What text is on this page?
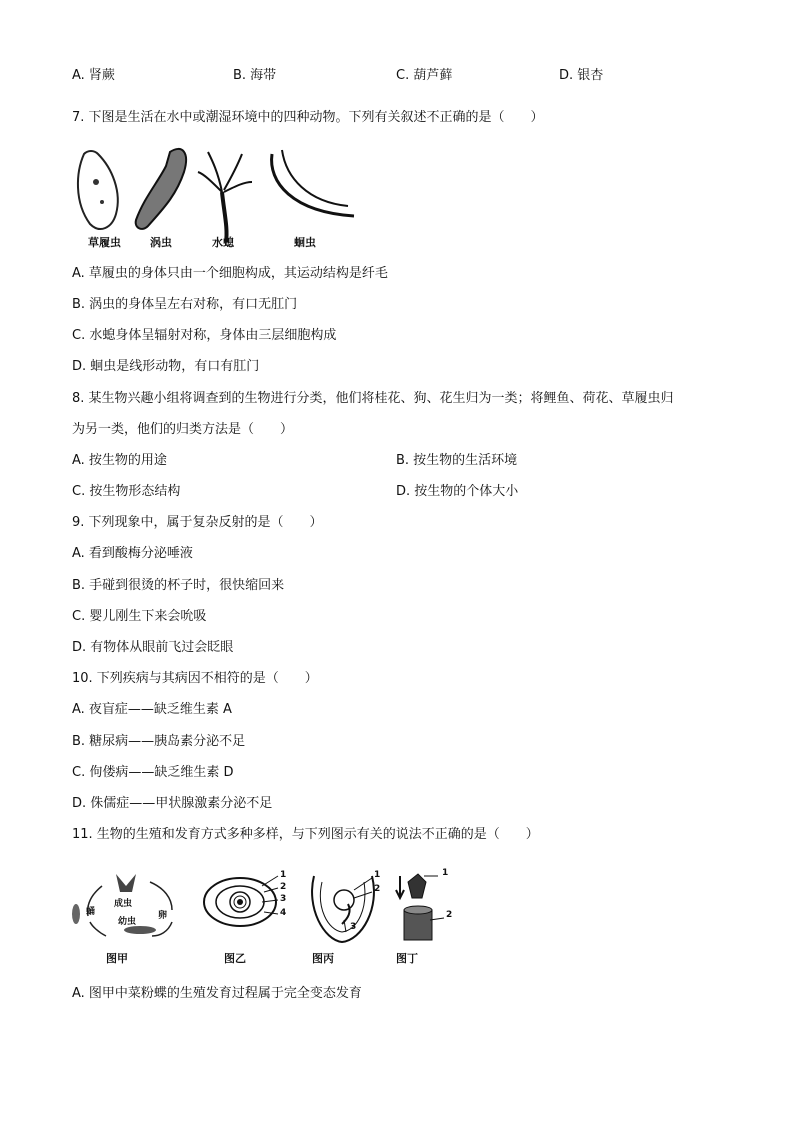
A. 肾蕨	B. 海带	C. 葫芦藓	D. 银杏
7. 下图是生活在水中或潮湿环境中的四种动物。下列有关叙述不正确的是（　　）
草履虫	涡虫	水螅	蛔虫
A. 草履虫的身体只由一个细胞构成，其运动结构是纤毛
B. 涡虫的身体呈左右对称，有口无肛门
C. 水螅身体呈辐射对称，身体由三层细胞构成
D. 蛔虫是线形动物，有口有肛门
8. 某生物兴趣小组将调查到的生物进行分类，他们将桂花、狗、花生归为一类；将鲤鱼、荷花、草履虫归
为另一类，他们的归类方法是（　　）
A. 按生物的用途	B. 按生物的生活环境
C. 按生物形态结构	D. 按生物的个体大小
9. 下列现象中，属于复杂反射的是（　　）
A. 看到酸梅分泌唾液
B. 手碰到很烫的杯子时，很快缩回来
C. 婴儿刚生下来会吮吸
D. 有物体从眼前飞过会眨眼
10. 下列疾病与其病因不相符的是（　　）
A. 夜盲症——缺乏维生素 A
B. 糖尿病——胰岛素分泌不足
C. 佝偻病——缺乏维生素 D
D. 侏儒症——甲状腺激素分泌不足
11. 生物的生殖和发育方式多种多样，与下列图示有关的说法不正确的是（　　）
成虫
卵
幼虫
蛹
1
2
3
4
1
2
3
1
2
图甲	图乙	图丙	图丁
A. 图甲中菜粉蝶的生殖发育过程属于完全变态发育
